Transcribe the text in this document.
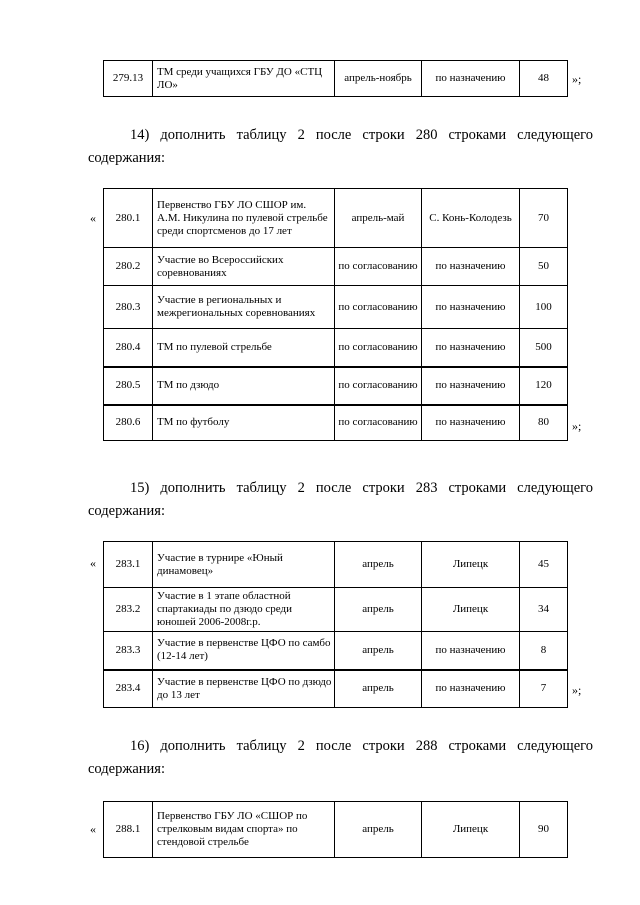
279.13	ТМ среди учащихся ГБУ ДО «СТЦ ЛО»	апрель-ноябрь	по назначению	48 »;
14) дополнить таблицу 2 после строки 280 строками следующего
содержания:
« 280.1	Первенство ГБУ ЛО СШОР им. А.М. Никулина по пулевой стрельбе среди спортсменов до 17 лет	апрель-май	С. Конь-Колодезь	70
280.2	Участие во Всероссийских соревнованиях	по согласованию	по назначению	50
280.3	Участие в региональных и межрегиональных соревнованиях	по согласованию	по назначению	100
280.4	ТМ по пулевой стрельбе	по согласованию	по назначению	500
280.5	ТМ по дзюдо	по согласованию	по назначению	120
280.6	ТМ по футболу	по согласованию	по назначению	80 »;
15) дополнить таблицу 2 после строки 283 строками следующего
содержания:
« 283.1	Участие в турнире «Юный динамовец»	апрель	Липецк	45
283.2	Участие в 1 этапе областной спартакиады по дзюдо среди юношей 2006-2008г.р.	апрель	Липецк	34
283.3	Участие в первенстве ЦФО по самбо (12-14 лет)	апрель	по назначению	8
283.4	Участие в первенстве ЦФО по дзюдо до 13 лет	апрель	по назначению	7 »;
16) дополнить таблицу 2 после строки 288 строками следующего
содержания:
« 288.1	Первенство ГБУ ЛО «СШОР по стрелковым видам спорта» по стендовой стрельбе	апрель	Липецк	90
